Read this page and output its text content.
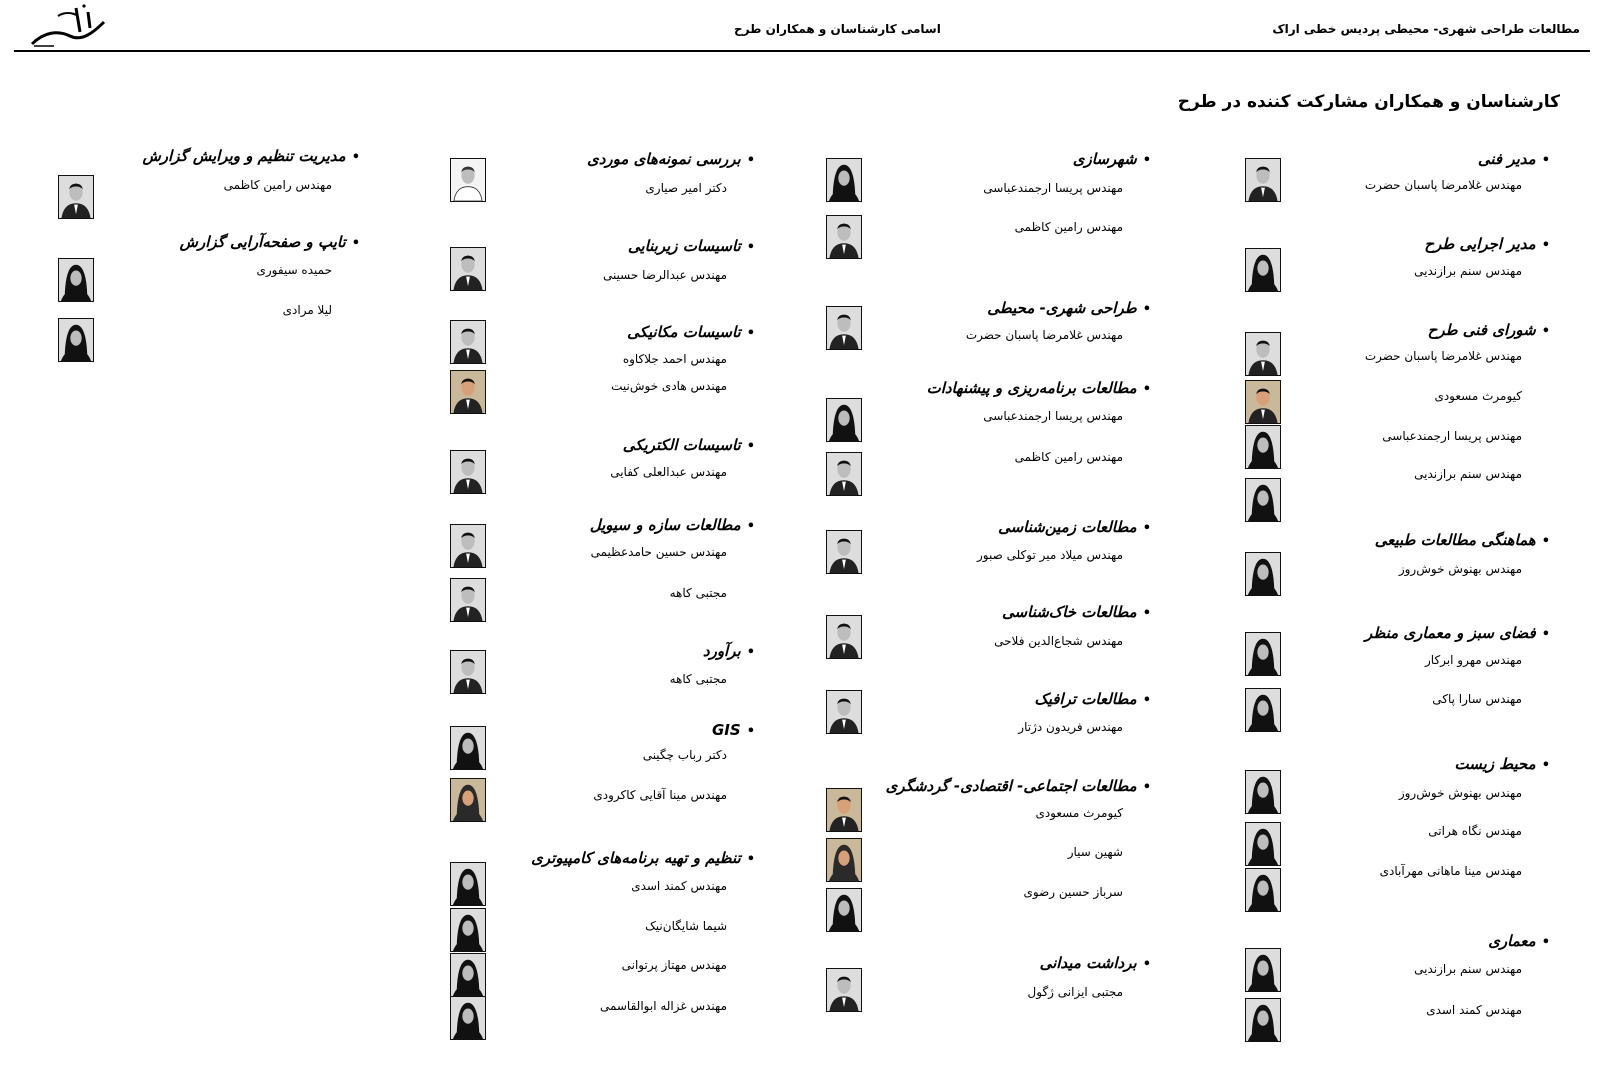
اسامی کارشناسان و همکاران طرح	مطالعات طراحی شهری- محیطی پردیس خطی اراک
کارشناسان و همکاران مشارکت کننده در طرح
•مدیر فنی
مهندس غلامرضا پاسبان حضرت
•مدیر اجرایی طرح
مهندس سنم برازندیی
•شورای فنی طرح
مهندس غلامرضا پاسبان حضرت
کیومرث مسعودی
مهندس پریسا ارجمندعباسی
مهندس سنم برازندیی
•هماهنگی مطالعات طبیعی
مهندس بهنوش خوش‌روز
•فضای سبز و معماری منظر
مهندس مهرو ابرکار
مهندس سارا پاکی
•محیط زیست
مهندس بهنوش خوش‌روز
مهندس نگاه هراتی
مهندس مینا ماهانی مهرآبادی
•معماری
مهندس سنم برازندیی
مهندس کمند اسدی
•شهرسازی
مهندس پریسا ارجمندعباسی
مهندس رامین کاظمی
•طراحی شهری- محیطی
مهندس غلامرضا پاسبان حضرت
•مطالعات برنامه‌ریزی و پیشنهادات
مهندس پریسا ارجمندعباسی
مهندس رامین کاظمی
•مطالعات زمین‌شناسی
مهندس میلاد میر توکلی صبور
•مطالعات خاک‌شناسی
مهندس شجاع‌الدین فلاحی
•مطالعات ترافیک
مهندس فریدون دژتار
•مطالعات اجتماعی- اقتصادی- گردشگری
کیومرث مسعودی
شهین سیار
سرباز حسین رضوی
•برداشت میدانی
مجتبی ایزانی ژگول
•بررسی نمونه‌های موردی
دکتر امیر صیاری
•تاسیسات زیربنایی
مهندس عبدالرضا حسینی
•تاسیسات مکانیکی
مهندس احمد جلاکاوه
مهندس هادی خوش‌نیت
•تاسیسات الکتریکی
مهندس عبدالعلی کفایی
•مطالعات سازه و سیویل
مهندس حسین حامدعظیمی
مجتبی کاهه
•برآورد
مجتبی کاهه
•GIS
دکتر رباب چگینی
مهندس مینا آقایی کاکرودی
•تنظیم و تهیه برنامه‌های کامپیوتری
مهندس کمند اسدی
شیما شایگان‌نیک
مهندس مهتاز پرتوانی
مهندس غزاله ابوالقاسمی
•مدیریت تنظیم و ویرایش گزارش
مهندس رامین کاظمی
•تایپ و صفحه‌آرایی گزارش
حمیده سیفوری
لیلا مرادی
